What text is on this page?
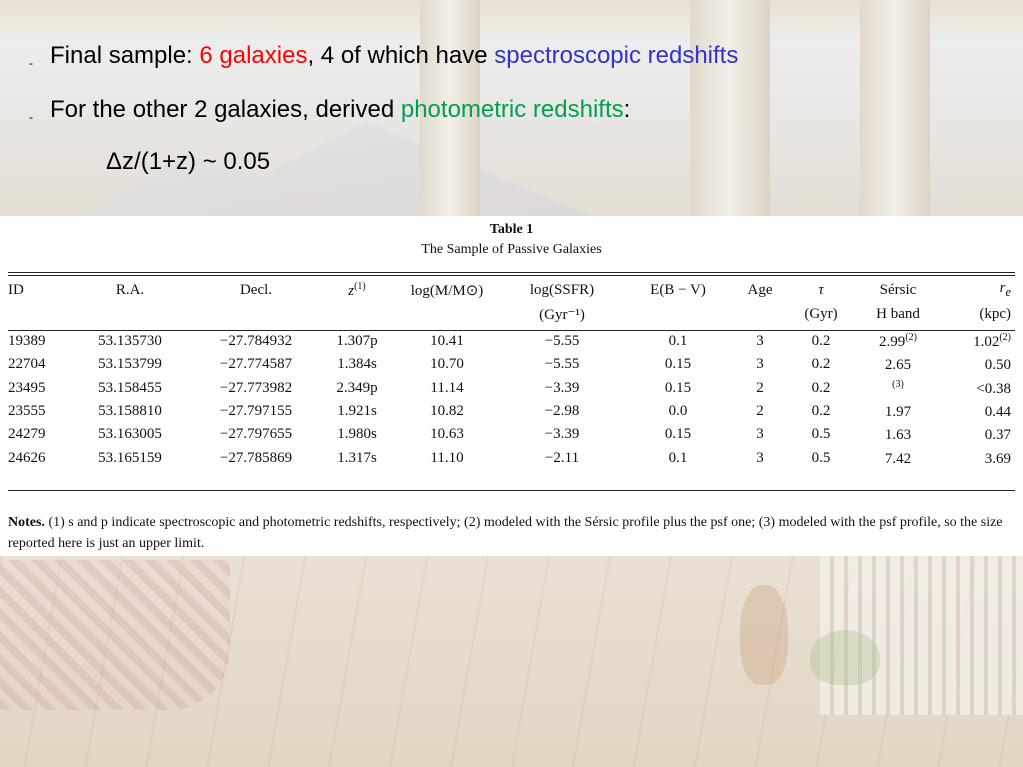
- Final sample: 6 galaxies, 4 of which have spectroscopic redshifts
- For the other 2 galaxies, derived photometric redshifts:
Δz/(1+z) ~ 0.05
Table 1
The Sample of Passive Galaxies
ID	R.A.	Decl.	$z^{(1)}$	log(M/M⊙)	log(SSFR)	E(B − V)	Age	τ	Sérsic	$r_e$
					(Gyr⁻¹)			(Gyr)	H band	(kpc)
19389	53.135730	−27.784932	1.307p	10.41	−5.55	0.1	3	0.2	2.99$^{(2)}$	1.02$^{(2)}$
22704	53.153799	−27.774587	1.384s	10.70	−5.55	0.15	3	0.2	2.65	0.50
23495	53.158455	−27.773982	2.349p	11.14	−3.39	0.15	2	0.2	$^{(3)}$	<0.38
23555	53.158810	−27.797155	1.921s	10.82	−2.98	0.0	2	0.2	1.97	0.44
24279	53.163005	−27.797655	1.980s	10.63	−3.39	0.15	3	0.5	1.63	0.37
24626	53.165159	−27.785869	1.317s	11.10	−2.11	0.1	3	0.5	7.42	3.69
Notes. (1) s and p indicate spectroscopic and photometric redshifts, respectively; (2) modeled with the Sérsic profile plus the psf one; (3) modeled with the psf profile, so the size reported here is just an upper limit.
